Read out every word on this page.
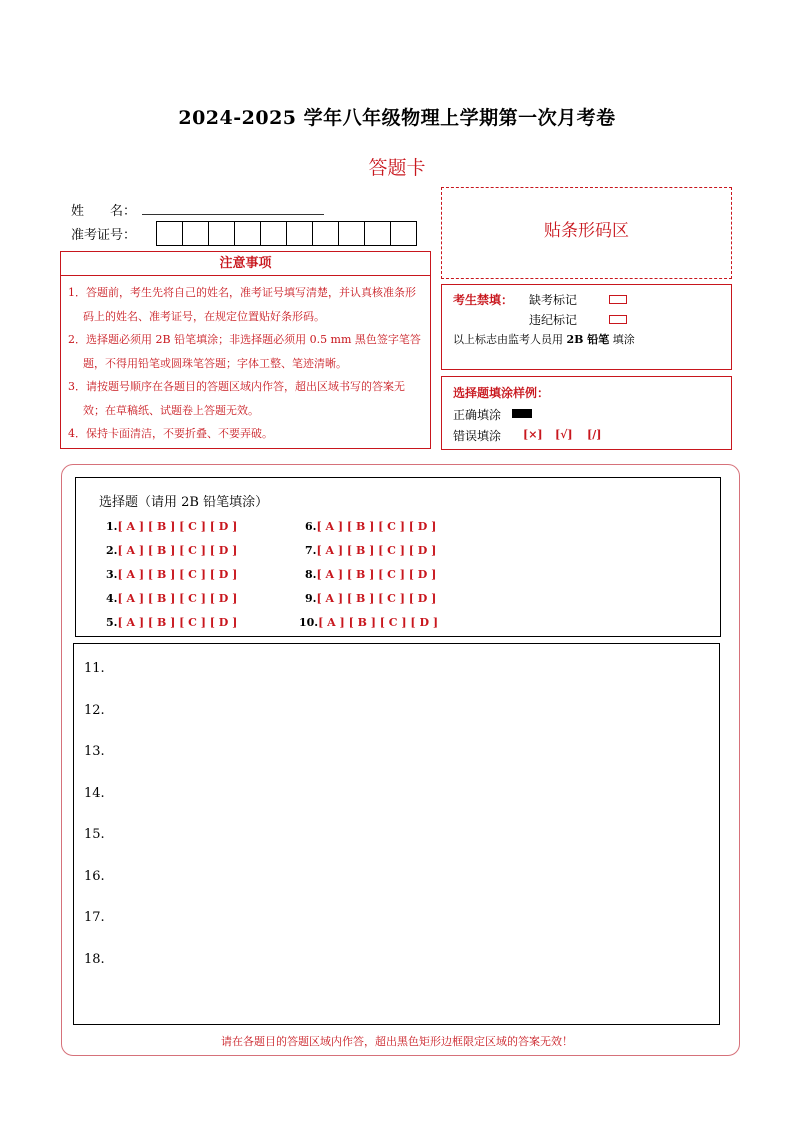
2024-2025 学年八年级物理上学期第一次月考卷
答题卡
姓　　名：
准考证号：
注意事项

1．答题前，考生先将自己的姓名，准考证号填写清楚，并认真核准条形码上的姓名、准考证号，在规定位置贴好条形码。

2．选择题必须用 2B 铅笔填涂；非选择题必须用 0.5 mm 黑色签字笔答题，不得用铅笔或圆珠笔答题；字体工整、笔迹清晰。

3．请按题号顺序在各题目的答题区域内作答，超出区域书写的答案无效；在草稿纸、试题卷上答题无效。

4．保持卡面清洁，不要折叠、不要弄破。

贴条形码区
考生禁填： 缺考标记
违纪标记
以上标志由监考人员用 2B 铅笔 填涂
选择题填涂样例：
正确填涂
错误填涂 [×] [√] [/]
选择题（请用 2B 铅笔填涂）
1.[ A ] [ B ] [ C ] [ D ]
2.[ A ] [ B ] [ C ] [ D ]
3.[ A ] [ B ] [ C ] [ D ]
4.[ A ] [ B ] [ C ] [ D ]
5.[ A ] [ B ] [ C ] [ D ]
6.[ A ] [ B ] [ C ] [ D ]
7.[ A ] [ B ] [ C ] [ D ]
8.[ A ] [ B ] [ C ] [ D ]
9.[ A ] [ B ] [ C ] [ D ]
10.[ A ] [ B ] [ C ] [ D ]
11.
12.
13.
14.
15.
16.
17.
18.
请在各题目的答题区域内作答，超出黑色矩形边框限定区域的答案无效！
